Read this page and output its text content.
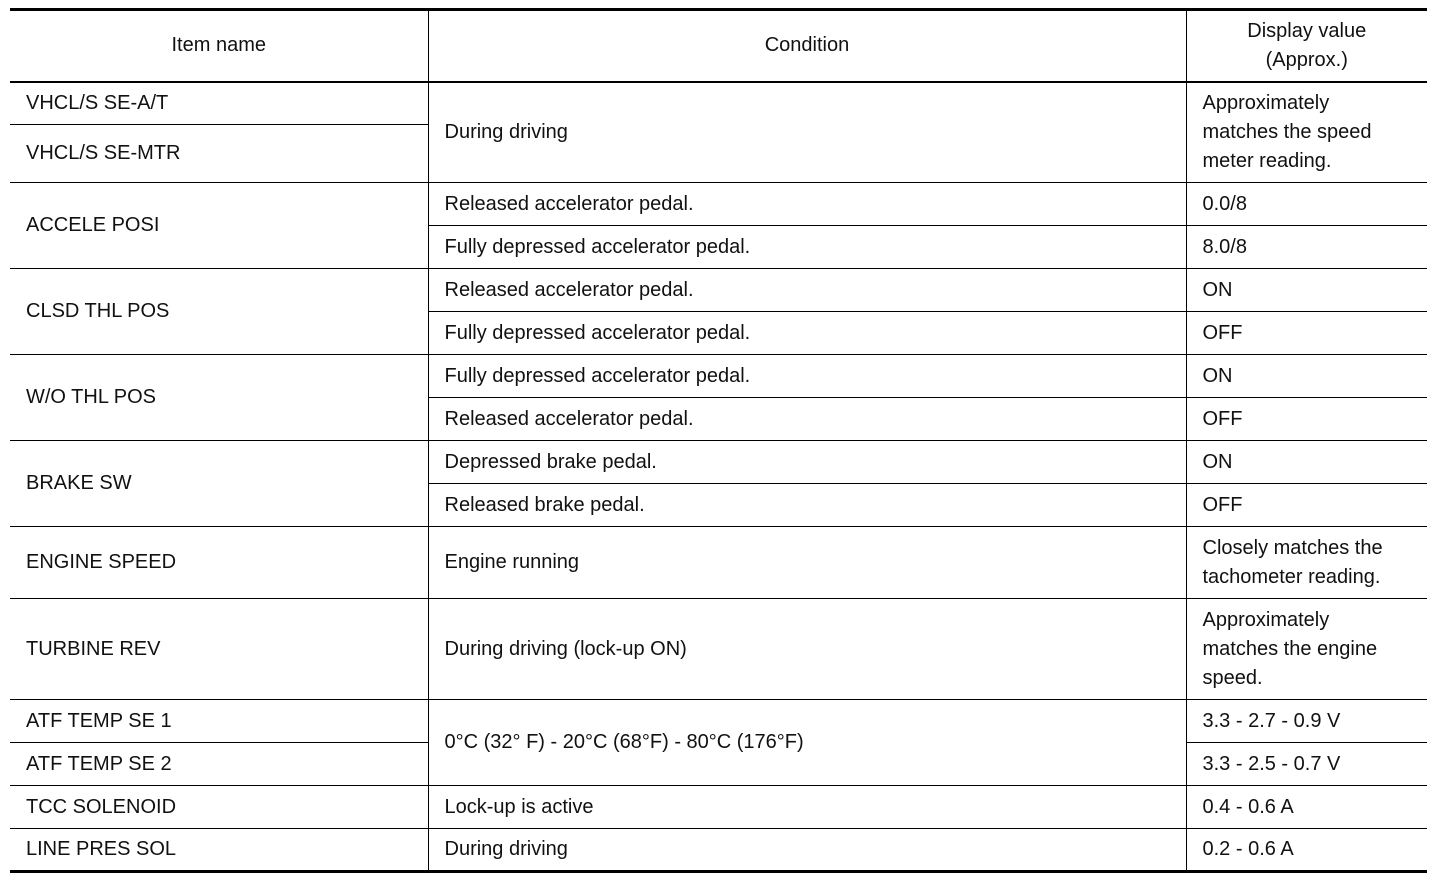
Item name	Condition	Display value
(Approx.)

VHCL/S SE-A/T	During driving	Approximately
matches the speed
meter reading.

VHCL/S SE-MTR		
ACCELE POSI	Released accelerator pedal.	0.0/8
	Fully depressed accelerator pedal.	8.0/8
CLSD THL POS	Released accelerator pedal.	ON
	Fully depressed accelerator pedal.	OFF
W/O THL POS	Fully depressed accelerator pedal.	ON
	Released accelerator pedal.	OFF
BRAKE SW	Depressed brake pedal.	ON
	Released brake pedal.	OFF
ENGINE SPEED	Engine running	Closely matches the
tachometer reading.

TURBINE REV	During driving (lock-up ON)	Approximately
matches the engine
speed.

ATF TEMP SE 1	0°C (32° F) - 20°C (68°F) - 80°C (176°F)	3.3 - 2.7 - 0.9 V
ATF TEMP SE 2		3.3 - 2.5 - 0.7 V
TCC SOLENOID	Lock-up is active	0.4 - 0.6 A
LINE PRES SOL	During driving	0.2 - 0.6 A
